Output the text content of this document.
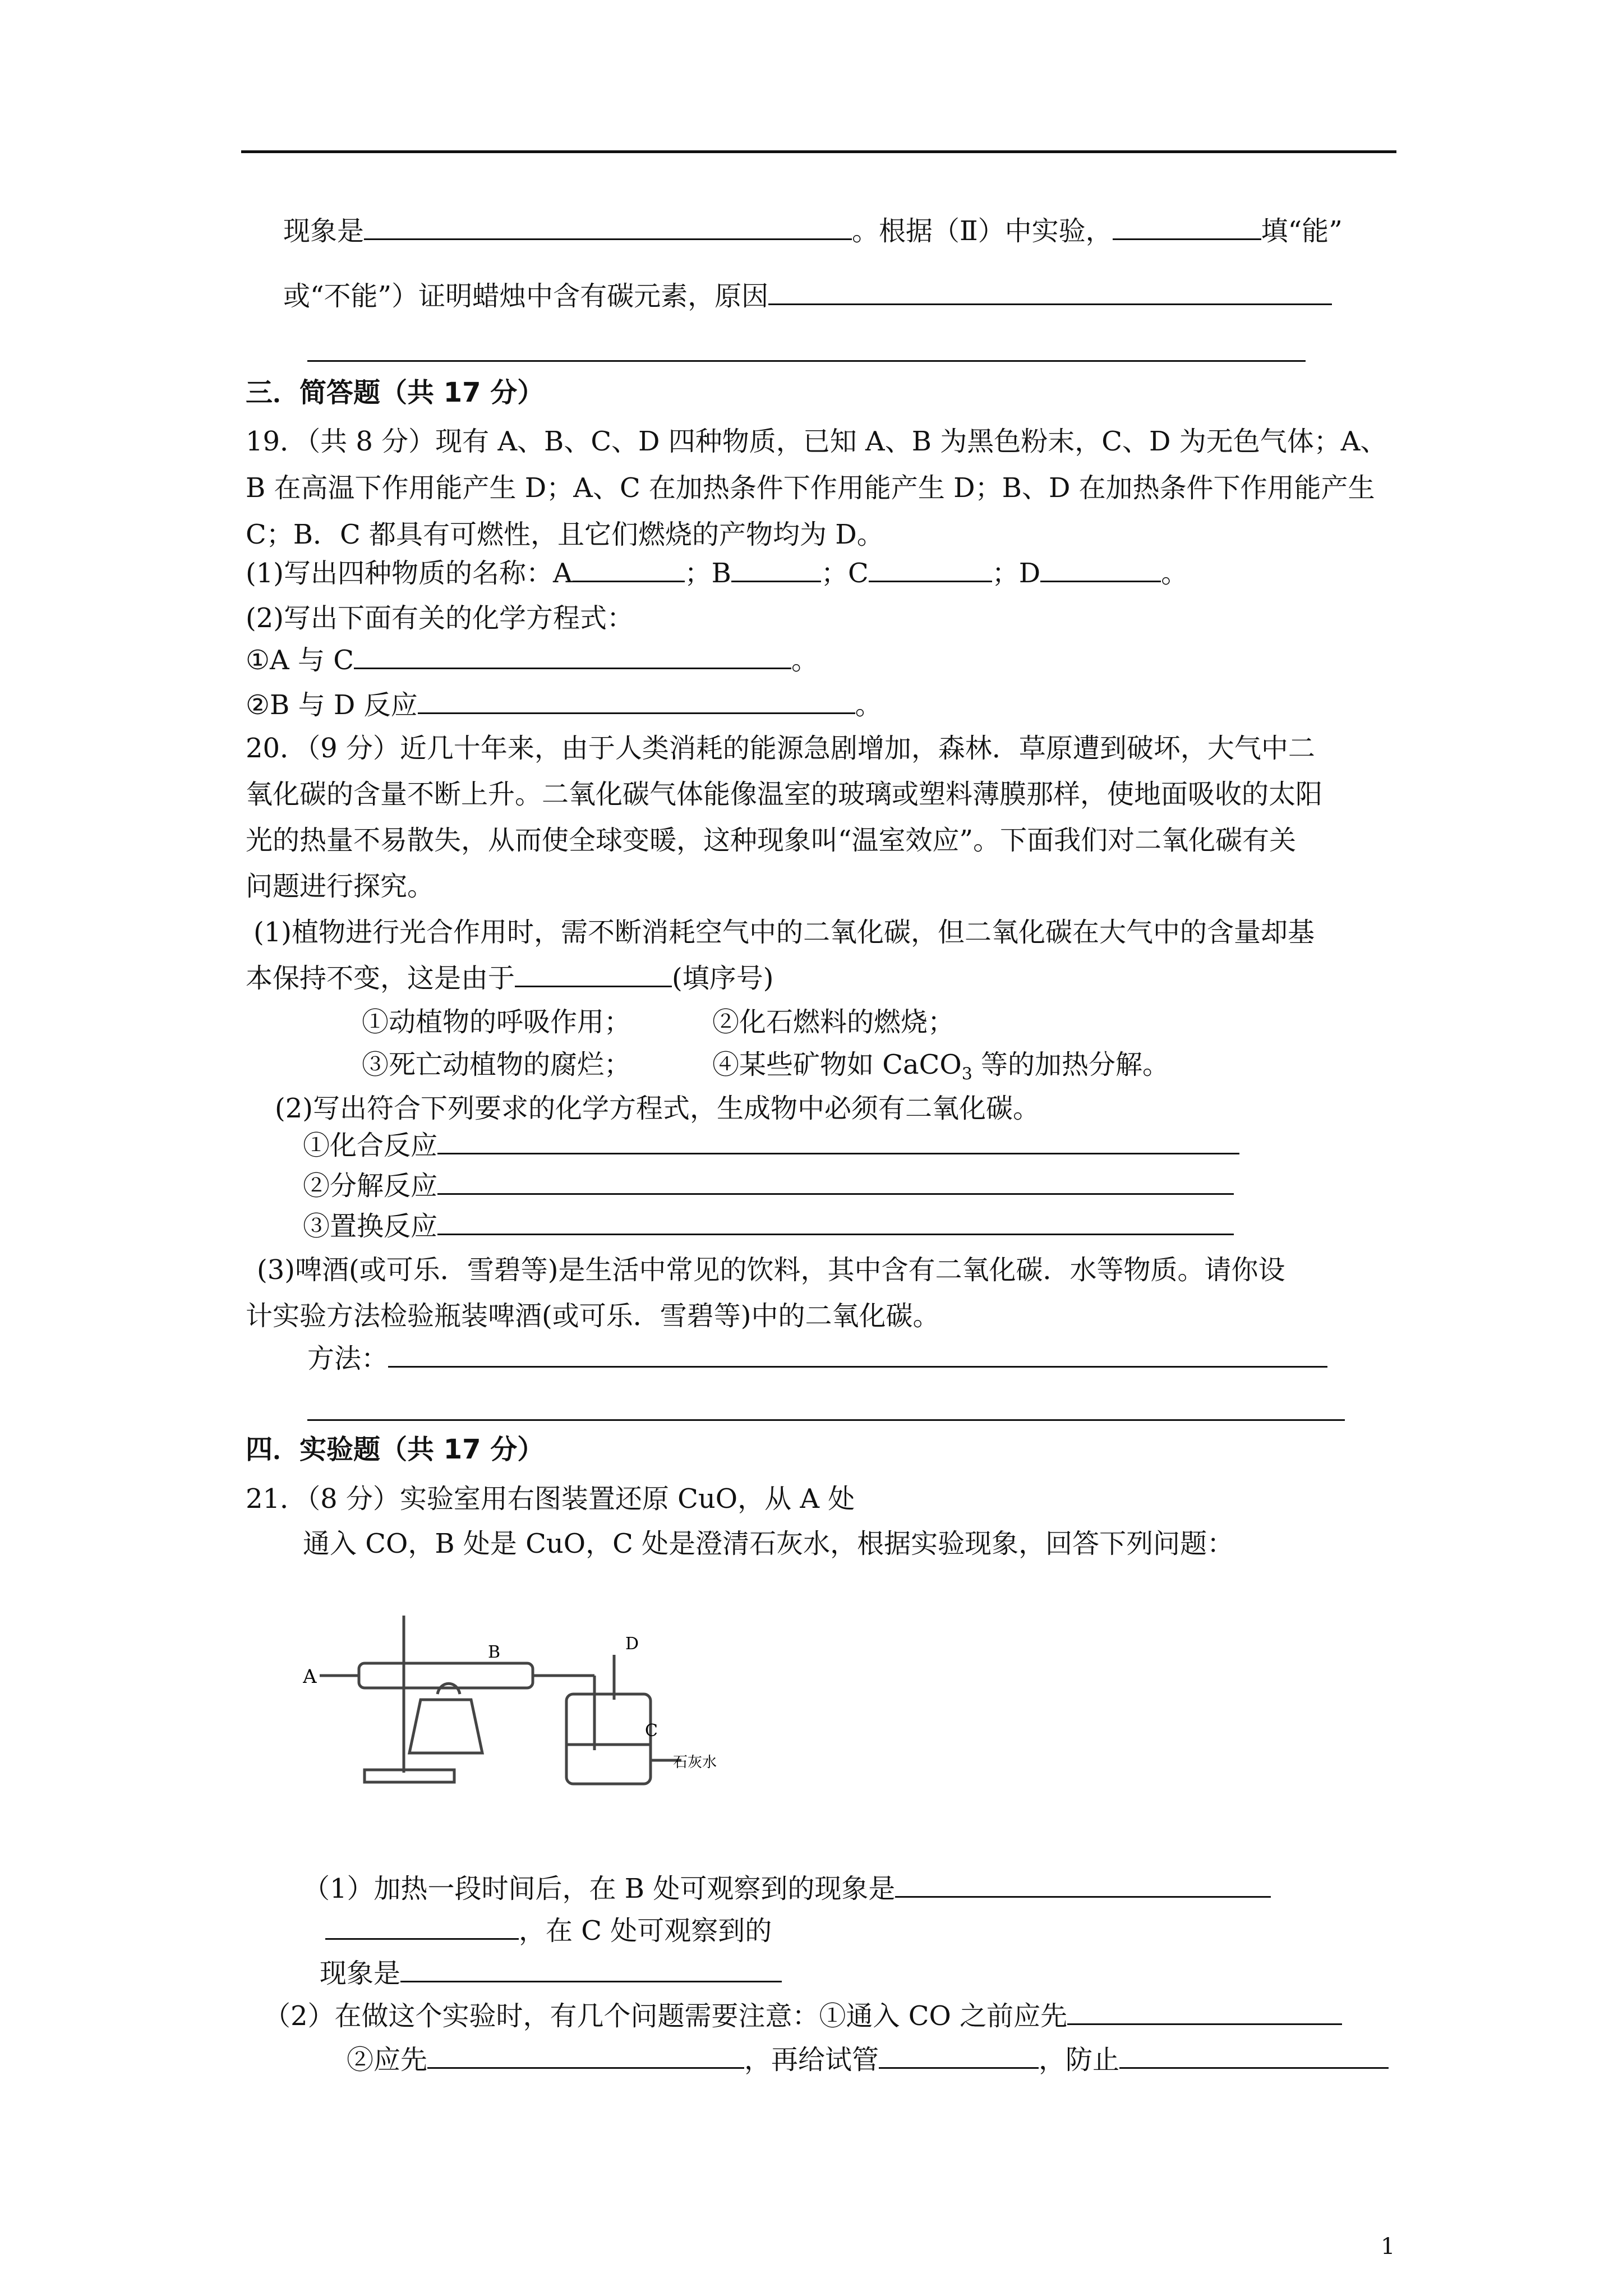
现象是	。根据（Ⅱ）中实验，	填“能”
或“不能”）证明蜡烛中含有碳元素，原因
三．简答题（共 17 分）
19．（共 8 分）现有 A、B、C、D 四种物质，已知 A、B 为黑色粉末，C、D 为无色气体；A、
B 在高温下作用能产生 D；A、C 在加热条件下作用能产生 D；B、D 在加热条件下作用能产生
C；B．C 都具有可燃性，且它们燃烧的产物均为 D。
(1)写出四种物质的名称：A	；B	；C	；D	。
(2)写出下面有关的化学方程式：
①A 与 C	。
②B 与 D 反应	。
20．（9 分）近几十年来，由于人类消耗的能源急剧增加，森林．草原遭到破坏，大气中二
氧化碳的含量不断上升。二氧化碳气体能像温室的玻璃或塑料薄膜那样，使地面吸收的太阳
光的热量不易散失，从而使全球变暖，这种现象叫“温室效应”。下面我们对二氧化碳有关
问题进行探究。
(1)植物进行光合作用时，需不断消耗空气中的二氧化碳，但二氧化碳在大气中的含量却基
本保持不变，这是由于	(填序号)
①动植物的呼吸作用；	②化石燃料的燃烧；
③死亡动植物的腐烂；	④某些矿物如 CaCO$_3$ 等的加热分解。
(2)写出符合下列要求的化学方程式，生成物中必须有二氧化碳。
①化合反应
②分解反应
③置换反应
(3)啤酒(或可乐．雪碧等)是生活中常见的饮料，其中含有二氧化碳．水等物质。请你设
计实验方法检验瓶装啤酒(或可乐．雪碧等)中的二氧化碳。
方法：
四．实验题（共 17 分）
21．（8 分）实验室用右图装置还原 CuO，从 A 处
通入 CO，B 处是 CuO，C 处是澄清石灰水，根据实验现象，回答下列问题：
A
B
C
D
石灰水
（1）加热一段时间后，在 B 处可观察到的现象是
，在 C 处可观察到的
现象是
（2）在做这个实验时，有几个问题需要注意：①通入 CO 之前应先
②应先	，再给试管	，防止
1
